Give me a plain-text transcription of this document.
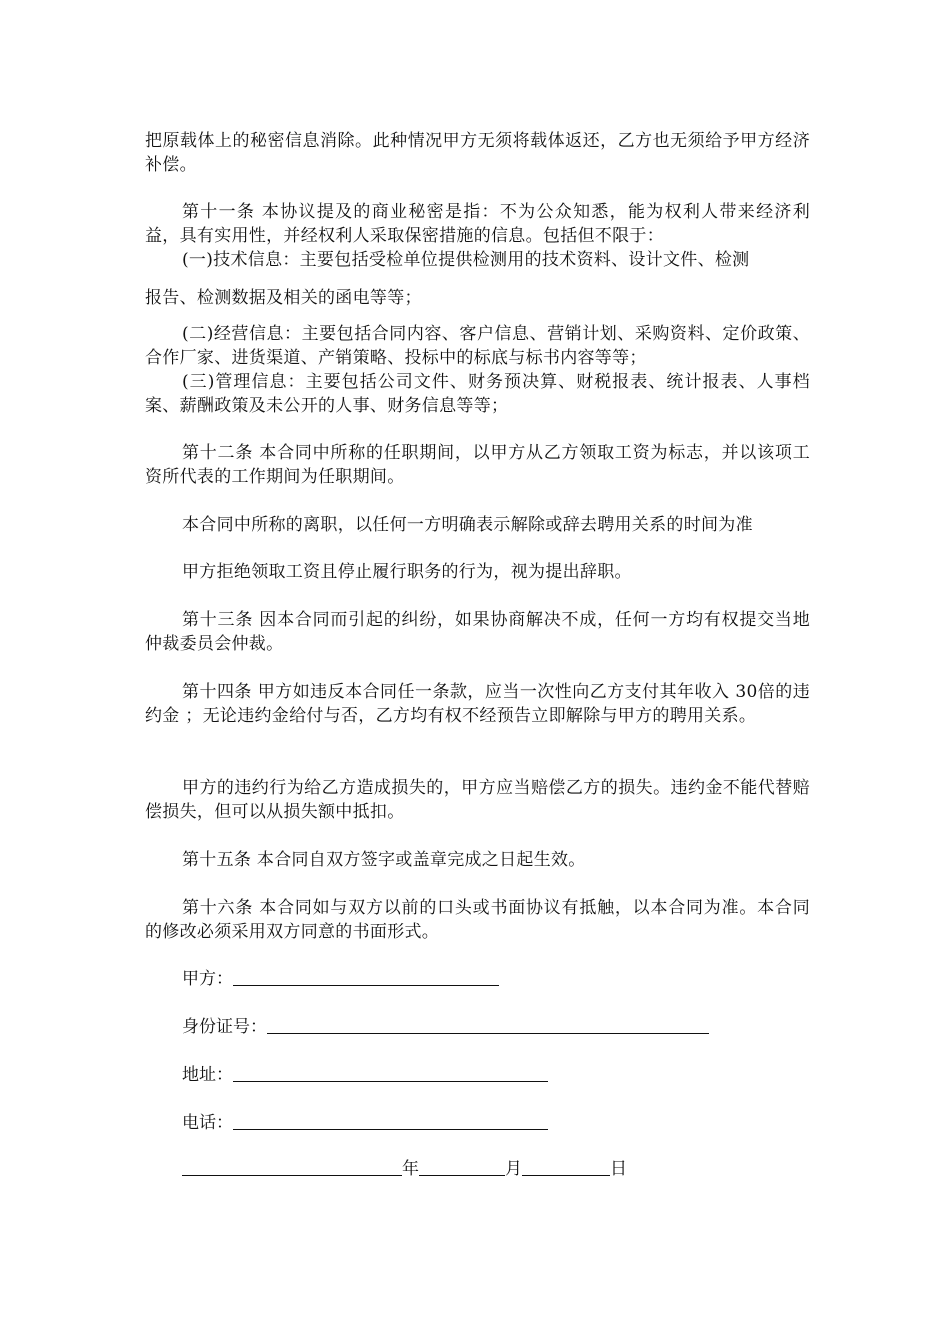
把原载体上的秘密信息消除。此种情况甲方无须将载体返还，乙方也无须给予甲方经济补偿。

第十一条 本协议提及的商业秘密是指：不为公众知悉，能为权利人带来经济利益，具有实用性，并经权利人采取保密措施的信息。包括但不限于：

(一)技术信息：主要包括受检单位提供检测用的技术资料、设计文件、检测

报告、检测数据及相关的函电等等；

(二)经营信息：主要包括合同内容、客户信息、营销计划、采购资料、定价政策、合作厂家、进货渠道、产销策略、投标中的标底与标书内容等等；

(三)管理信息：主要包括公司文件、财务预决算、财税报表、统计报表、人事档案、薪酬政策及未公开的人事、财务信息等等；

第十二条 本合同中所称的任职期间，以甲方从乙方领取工资为标志，并以该项工资所代表的工作期间为任职期间。

本合同中所称的离职，以任何一方明确表示解除或辞去聘用关系的时间为准

甲方拒绝领取工资且停止履行职务的行为，视为提出辞职。

第十三条 因本合同而引起的纠纷，如果协商解决不成，任何一方均有权提交当地仲裁委员会仲裁。

第十四条 甲方如违反本合同任一条款，应当一次性向乙方支付其年收入 30倍的违约金 ；无论违约金给付与否，乙方均有权不经预告立即解除与甲方的聘用关系。

甲方的违约行为给乙方造成损失的，甲方应当赔偿乙方的损失。违约金不能代替赔偿损失，但可以从损失额中抵扣。

第十五条 本合同自双方签字或盖章完成之日起生效。

第十六条 本合同如与双方以前的口头或书面协议有抵触，以本合同为准。本合同的修改必须采用双方同意的书面形式。

甲方：
身份证号：
地址：
电话：
年	月	日
